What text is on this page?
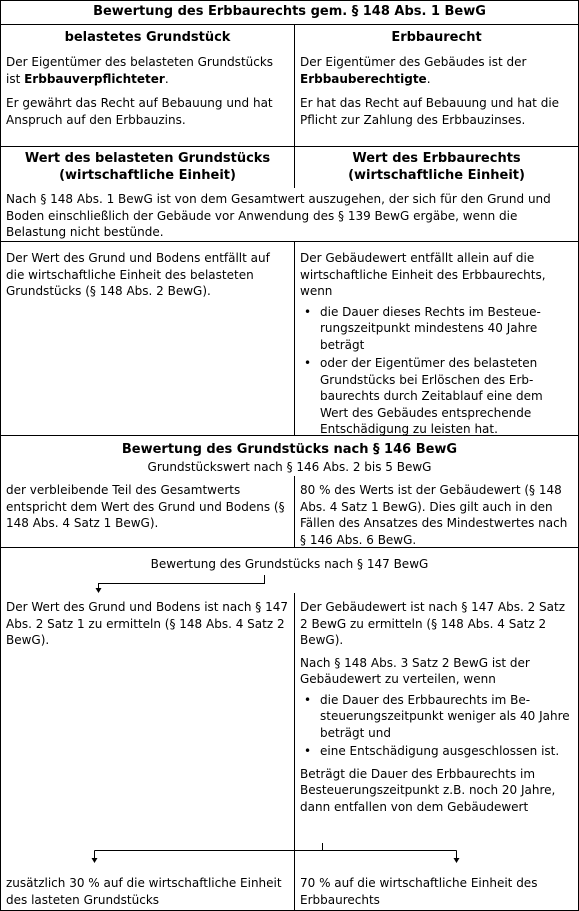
Bewertung des Erbbaurechts gem. § 148 Abs. 1 BewG
belastetes Grundstück
Der Eigentümer des belasteten Grundstücks ist Erbbauverpflichteter.
Er gewährt das Recht auf Bebauung und hat Anspruch auf den Erbbauzins.
Erbbaurecht
Der Eigentümer des Gebäudes ist der Erbbauberechtigte.
Er hat das Recht auf Bebauung und hat die Pflicht zur Zahlung des Erbbauzinses.
Wert des belasteten Grundstücks (wirtschaftliche Einheit)
Wert des Erbbaurechts (wirtschaftliche Einheit)
Nach § 148 Abs. 1 BewG ist von dem Gesamtwert auszugehen, der sich für den Grund und Boden einschließlich der Gebäude vor Anwendung des § 139 BewG ergäbe, wenn die Belastung nicht bestünde.
Der Wert des Grund und Bodens entfällt auf die wirtschaftliche Einheit des belasteten Grundstücks (§ 148 Abs. 2 BewG).
Der Gebäudewert entfällt allein auf die wirtschaftliche Einheit des Erbbaurechts, wenn
• die Dauer dieses Rechts im Besteuerungszeitpunkt mindestens 40 Jahre beträgt
• oder der Eigentümer des belasteten Grundstücks bei Erlöschen des Erbbaurechts durch Zeitablauf eine dem Wert des Gebäudes entsprechende Entschädigung zu leisten hat.
Bewertung des Grundstücks nach § 146 BewG
Grundstückswert nach § 146 Abs. 2 bis 5 BewG
der verbleibende Teil des Gesamtwerts entspricht dem Wert des Grund und Bodens (§ 148 Abs. 4 Satz 1 BewG).
80 % des Werts ist der Gebäudewert (§ 148 Abs. 4 Satz 1 BewG). Dies gilt auch in den Fällen des Ansatzes des Mindestwertes nach § 146 Abs. 6 BewG.
Bewertung des Grundstücks nach § 147 BewG
Der Wert des Grund und Bodens ist nach § 147 Abs. 2 Satz 1 zu ermitteln (§ 148 Abs. 4 Satz 2 BewG).
Der Gebäudewert ist nach § 147 Abs. 2 Satz 2 BewG zu ermitteln (§ 148 Abs. 4 Satz 2 BewG).
Nach § 148 Abs. 3 Satz 2 BewG ist der Gebäudewert zu verteilen, wenn
• die Dauer des Erbbaurechts im Besteuerungszeitpunkt weniger als 40 Jahre beträgt und
• eine Entschädigung ausgeschlossen ist.
Beträgt die Dauer des Erbbaurechts im Besteuerungszeitpunkt z.B. noch 20 Jahre, dann entfallen von dem Gebäudewert
zusätzlich 30 % auf die wirtschaftliche Einheit des lasteten Grundstücks
70 % auf die wirtschaftliche Einheit des Erbbaurechts
